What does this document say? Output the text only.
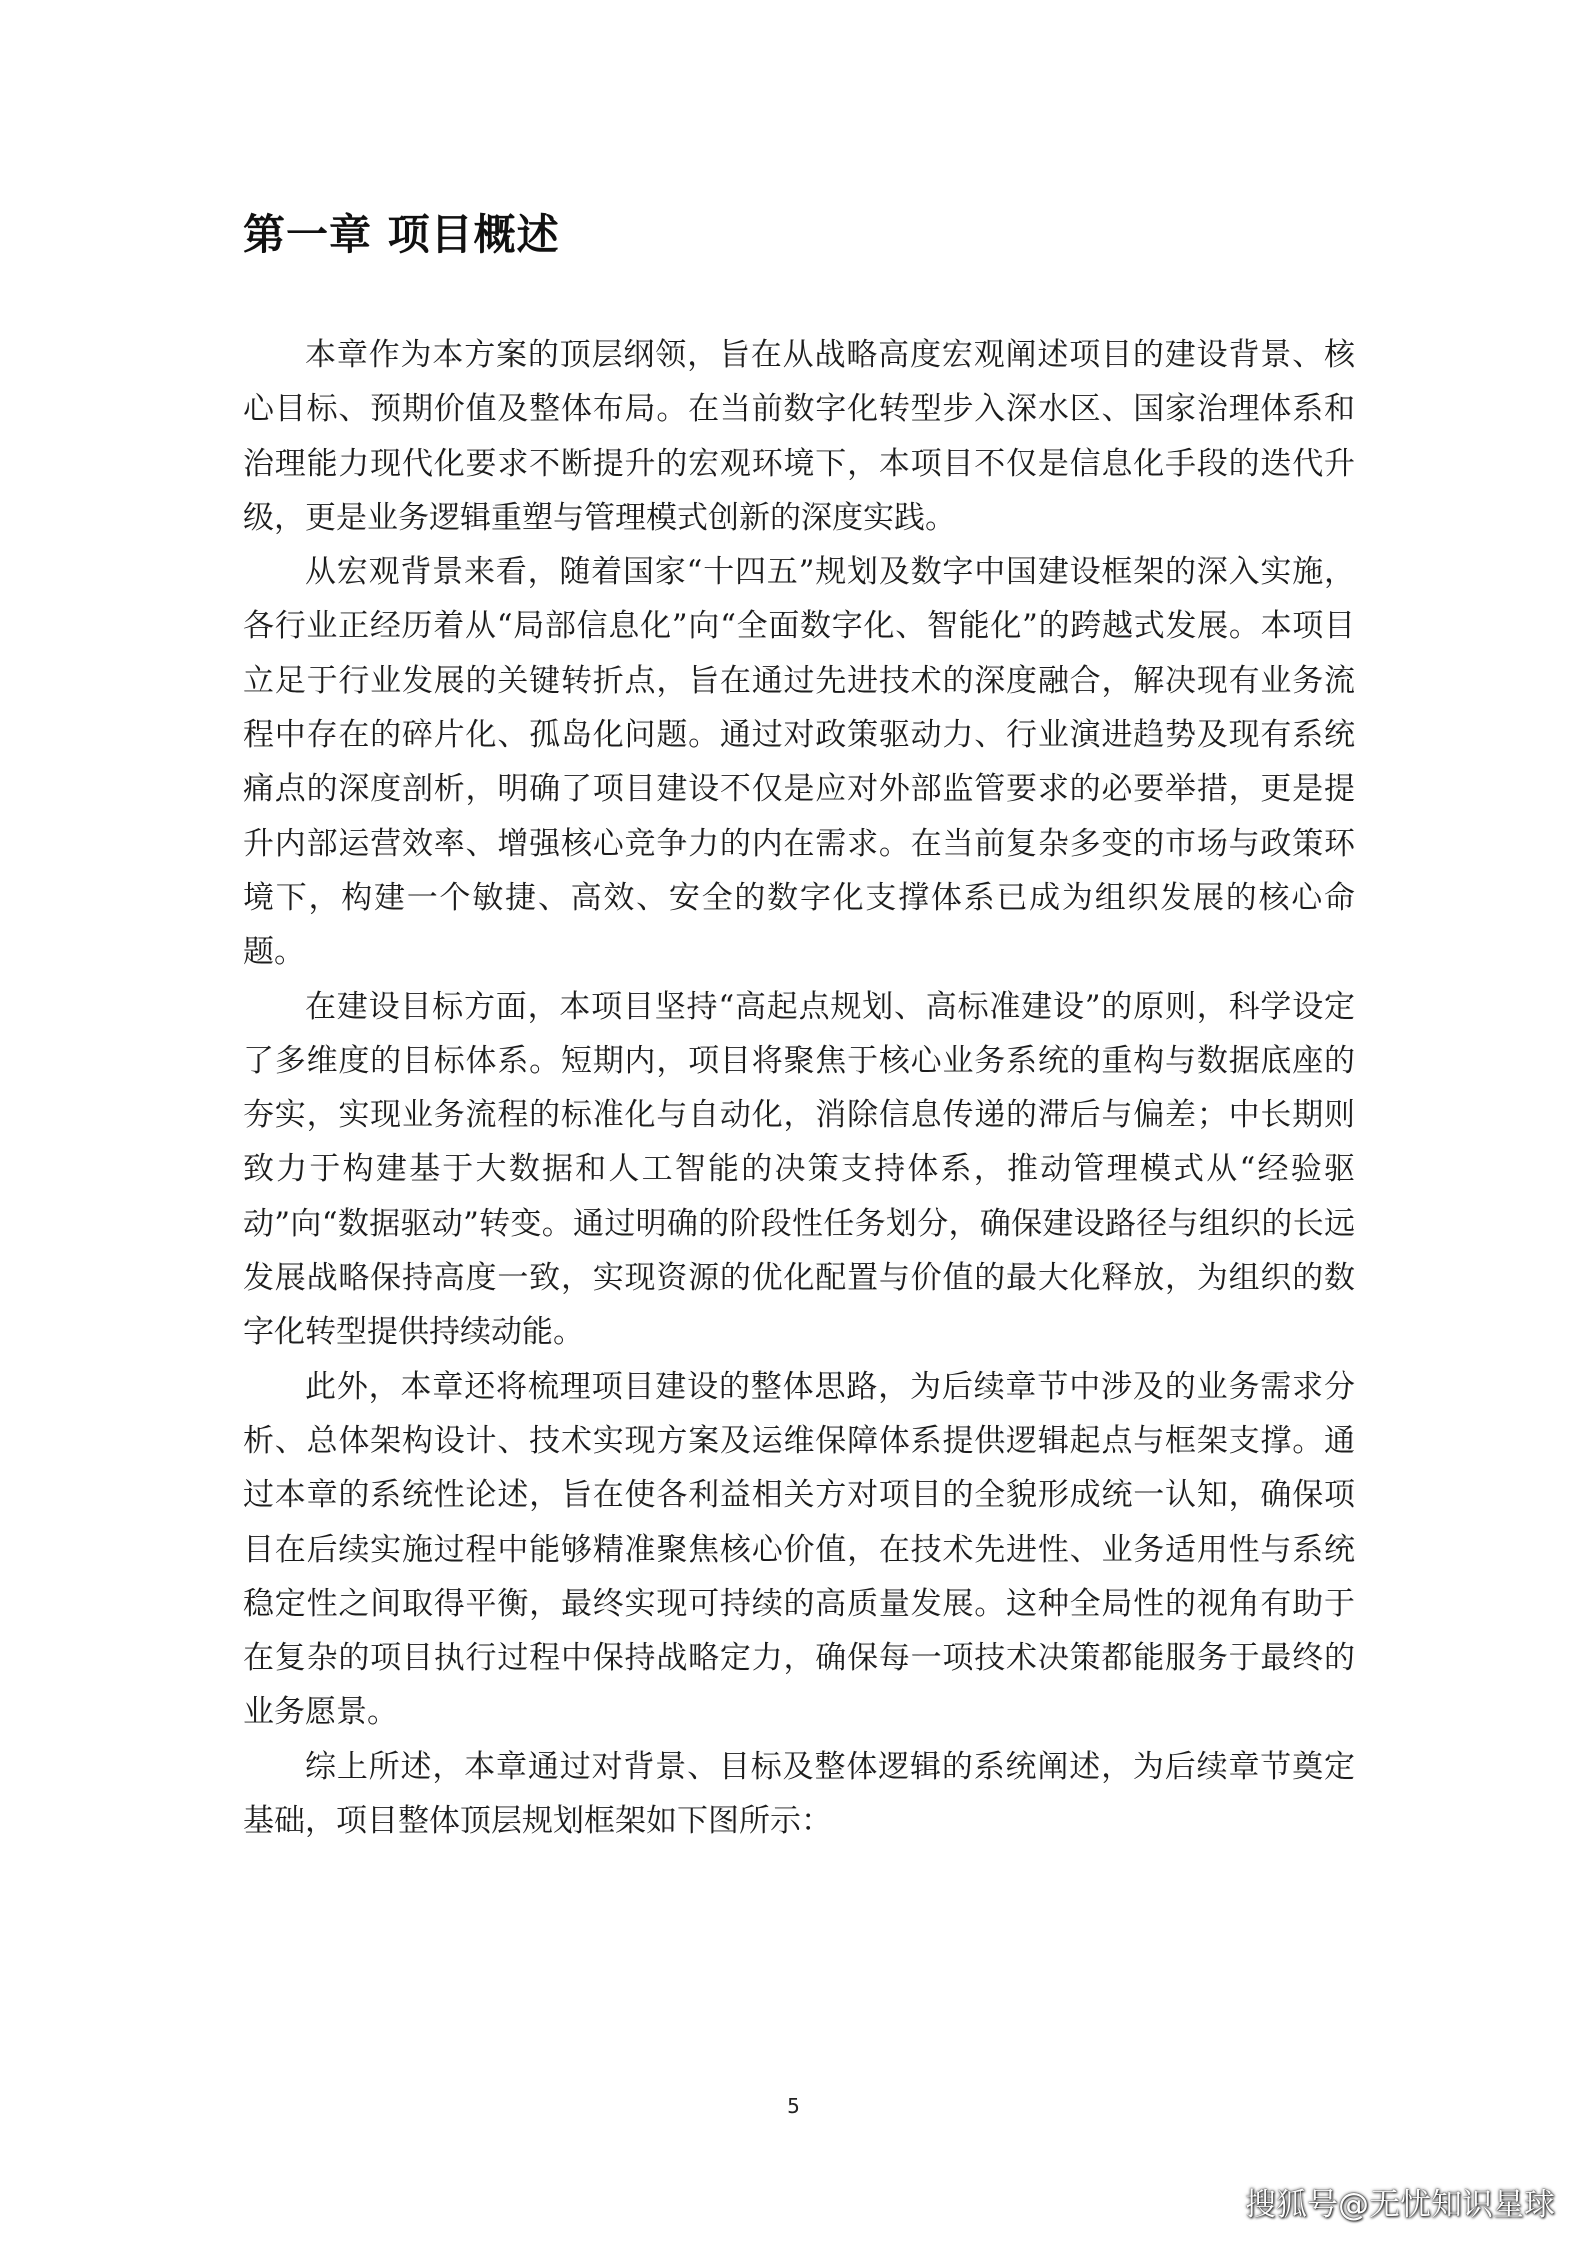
第一章 项目概述

本章作为本方案的顶层纲领，旨在从战略高度宏观阐述项目的建设背景、核心目标、预期价值及整体布局。在当前数字化转型步入深水区、国家治理体系和治理能力现代化要求不断提升的宏观环境下，本项目不仅是信息化手段的迭代升级，更是业务逻辑重塑与管理模式创新的深度实践。

从宏观背景来看，随着国家“十四五”规划及数字中国建设框架的深入实施，各行业正经历着从“局部信息化”向“全面数字化、智能化”的跨越式发展。本项目立足于行业发展的关键转折点，旨在通过先进技术的深度融合，解决现有业务流程中存在的碎片化、孤岛化问题。通过对政策驱动力、行业演进趋势及现有系统痛点的深度剖析，明确了项目建设不仅是应对外部监管要求的必要举措，更是提升内部运营效率、增强核心竞争力的内在需求。在当前复杂多变的市场与政策环境下，构建一个敏捷、高效、安全的数字化支撑体系已成为组织发展的核心命题。

在建设目标方面，本项目坚持“高起点规划、高标准建设”的原则，科学设定了多维度的目标体系。短期内，项目将聚焦于核心业务系统的重构与数据底座的夯实，实现业务流程的标准化与自动化，消除信息传递的滞后与偏差；中长期则致力于构建基于大数据和人工智能的决策支持体系，推动管理模式从“经验驱动”向“数据驱动”转变。通过明确的阶段性任务划分，确保建设路径与组织的长远发展战略保持高度一致，实现资源的优化配置与价值的最大化释放，为组织的数字化转型提供持续动能。

此外，本章还将梳理项目建设的整体思路，为后续章节中涉及的业务需求分析、总体架构设计、技术实现方案及运维保障体系提供逻辑起点与框架支撑。通过本章的系统性论述，旨在使各利益相关方对项目的全貌形成统一认知，确保项目在后续实施过程中能够精准聚焦核心价值，在技术先进性、业务适用性与系统稳定性之间取得平衡，最终实现可持续的高质量发展。这种全局性的视角有助于在复杂的项目执行过程中保持战略定力，确保每一项技术决策都能服务于最终的业务愿景。

综上所述，本章通过对背景、目标及整体逻辑的系统阐述，为后续章节奠定基础，项目整体顶层规划框架如下图所示：

5
搜狐号@无忧知识星球
